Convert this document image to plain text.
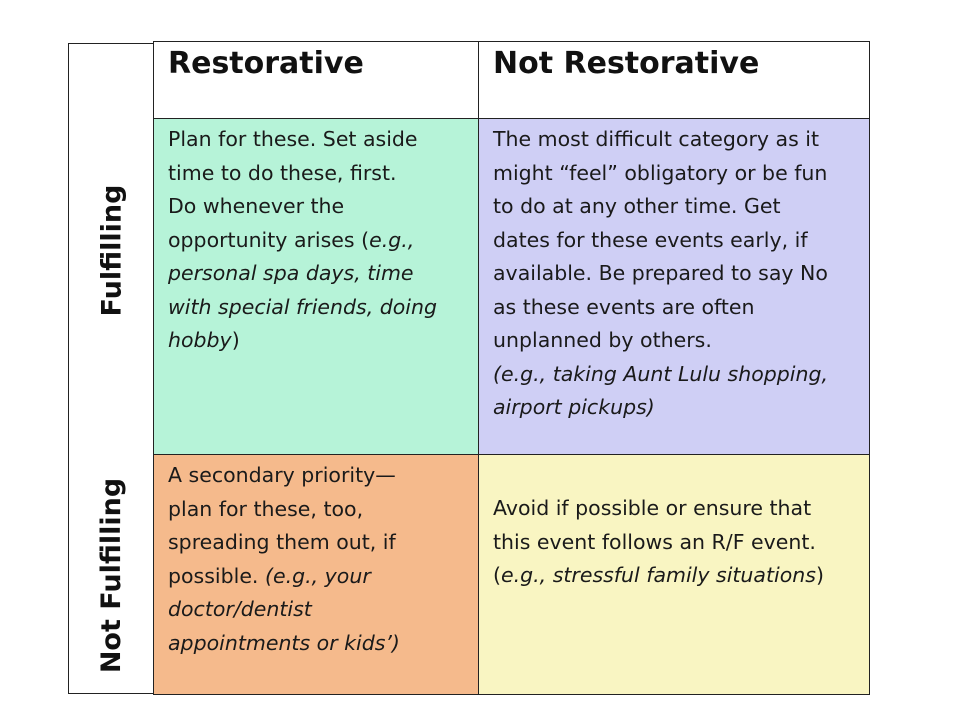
Fulfilling
Not Fulfilling
Restorative	Not Restorative

Plan for these. Set aside

time to do these, first.

Do whenever the

opportunity arises (e.g.,

personal spa days, time

with special friends, doing

hobby)

The most difficult category as it

might “feel” obligatory or be fun

to do at any other time. Get

dates for these events early, if

available. Be prepared to say No

as these events are often

unplanned by others.

(e.g., taking Aunt Lulu shopping,

airport pickups)

A secondary priority—

plan for these, too,

spreading them out, if

possible. (e.g., your

doctor/dentist

appointments or kids’)

Avoid if possible or ensure that

this event follows an R/F event.

(e.g., stressful family situations)
